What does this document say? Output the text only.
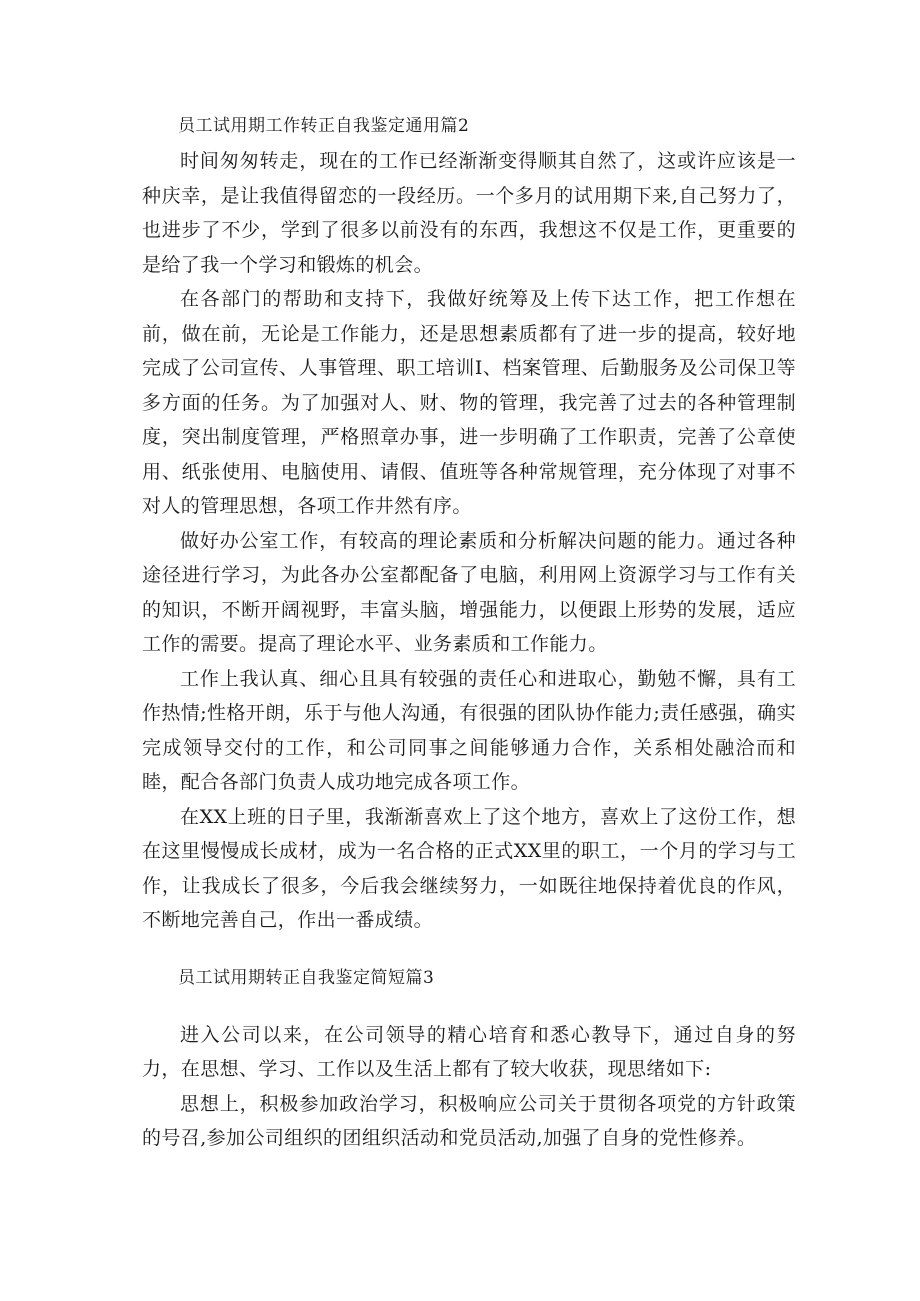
员工试用期工作转正自我鉴定通用篇2

时间匆匆转走，现在的工作已经渐渐变得顺其自然了，这或许应该是一种庆幸，是让我值得留恋的一段经历。一个多月的试用期下来,自己努力了，也进步了不少，学到了很多以前没有的东西，我想这不仅是工作，更重要的是给了我一个学习和锻炼的机会。

在各部门的帮助和支持下，我做好统筹及上传下达工作，把工作想在前，做在前，无论是工作能力，还是思想素质都有了进一步的提高，较好地完成了公司宣传、人事管理、职工培训I、档案管理、后勤服务及公司保卫等多方面的任务。为了加强对人、财、物的管理，我完善了过去的各种管理制度，突出制度管理，严格照章办事，进一步明确了工作职责，完善了公章使用、纸张使用、电脑使用、请假、值班等各种常规管理，充分体现了对事不对人的管理思想，各项工作井然有序。

做好办公室工作，有较高的理论素质和分析解决问题的能力。通过各种途径进行学习，为此各办公室都配备了电脑，利用网上资源学习与工作有关的知识，不断开阔视野，丰富头脑，增强能力，以便跟上形势的发展，适应工作的需要。提高了理论水平、业务素质和工作能力。

工作上我认真、细心且具有较强的责任心和进取心，勤勉不懈，具有工作热情;性格开朗，乐于与他人沟通，有很强的团队协作能力;责任感强，确实完成领导交付的工作，和公司同事之间能够通力合作，关系相处融洽而和睦，配合各部门负责人成功地完成各项工作。

在XX上班的日子里，我渐渐喜欢上了这个地方，喜欢上了这份工作，想在这里慢慢成长成材，成为一名合格的正式XX里的职工，一个月的学习与工作，让我成长了很多，今后我会继续努力，一如既往地保持着优良的作风，不断地完善自己，作出一番成绩。

员工试用期转正自我鉴定简短篇3

进入公司以来，在公司领导的精心培育和悉心教导下，通过自身的努力，在思想、学习、工作以及生活上都有了较大收获，现思绪如下:

思想上，积极参加政治学习，积极响应公司关于贯彻各项党的方针政策的号召,参加公司组织的团组织活动和党员活动,加强了自身的党性修养。
